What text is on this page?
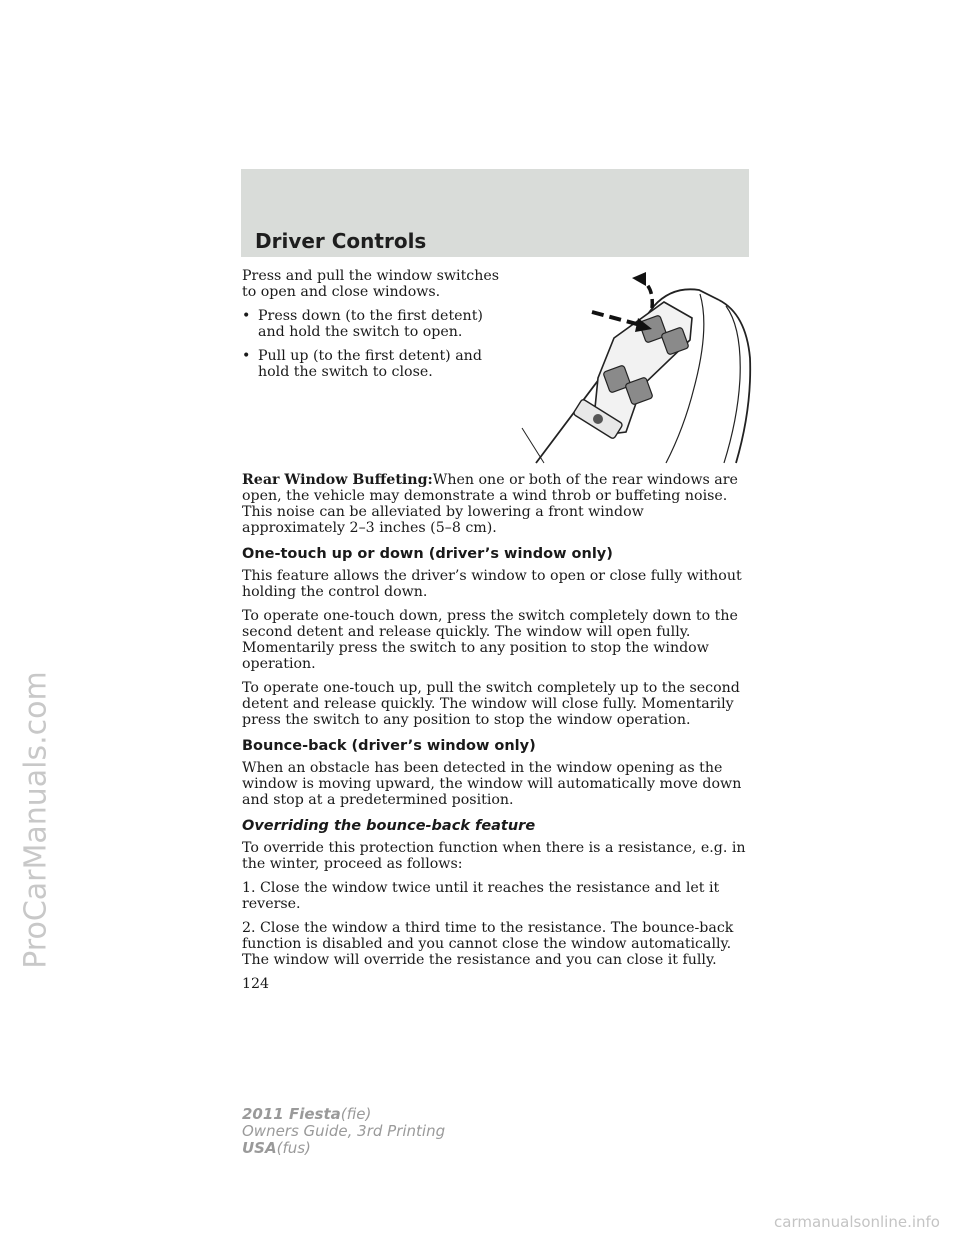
ProCarManuals.com
Driver Controls

Press and pull the window switches to open and close windows.

• Press down (to the first detent) and hold the switch to open.
• Pull up (to the first detent) and hold the switch to close.

Rear Window Buffeting:When one or both of the rear windows are open, the vehicle may demonstrate a wind throb or buffeting noise. This noise can be alleviated by lowering a front window approximately 2–3 inches (5–8 cm).

One-touch up or down (driver’s window only)

This feature allows the driver’s window to open or close fully without holding the control down.

To operate one-touch down, press the switch completely down to the second detent and release quickly. The window will open fully. Momentarily press the switch to any position to stop the window operation.

To operate one-touch up, pull the switch completely up to the second detent and release quickly. The window will close fully. Momentarily press the switch to any position to stop the window operation.

Bounce-back (driver’s window only)

When an obstacle has been detected in the window opening as the window is moving upward, the window will automatically move down and stop at a predetermined position.

Overriding the bounce-back feature

To override this protection function when there is a resistance, e.g. in the winter, proceed as follows:

1. Close the window twice until it reaches the resistance and let it reverse.

2. Close the window a third time to the resistance. The bounce-back function is disabled and you cannot close the window automatically. The window will override the resistance and you can close it fully.

124
2011 Fiesta(fie)
Owners Guide, 3rd Printing
USA(fus)
carmanualsonline.info
